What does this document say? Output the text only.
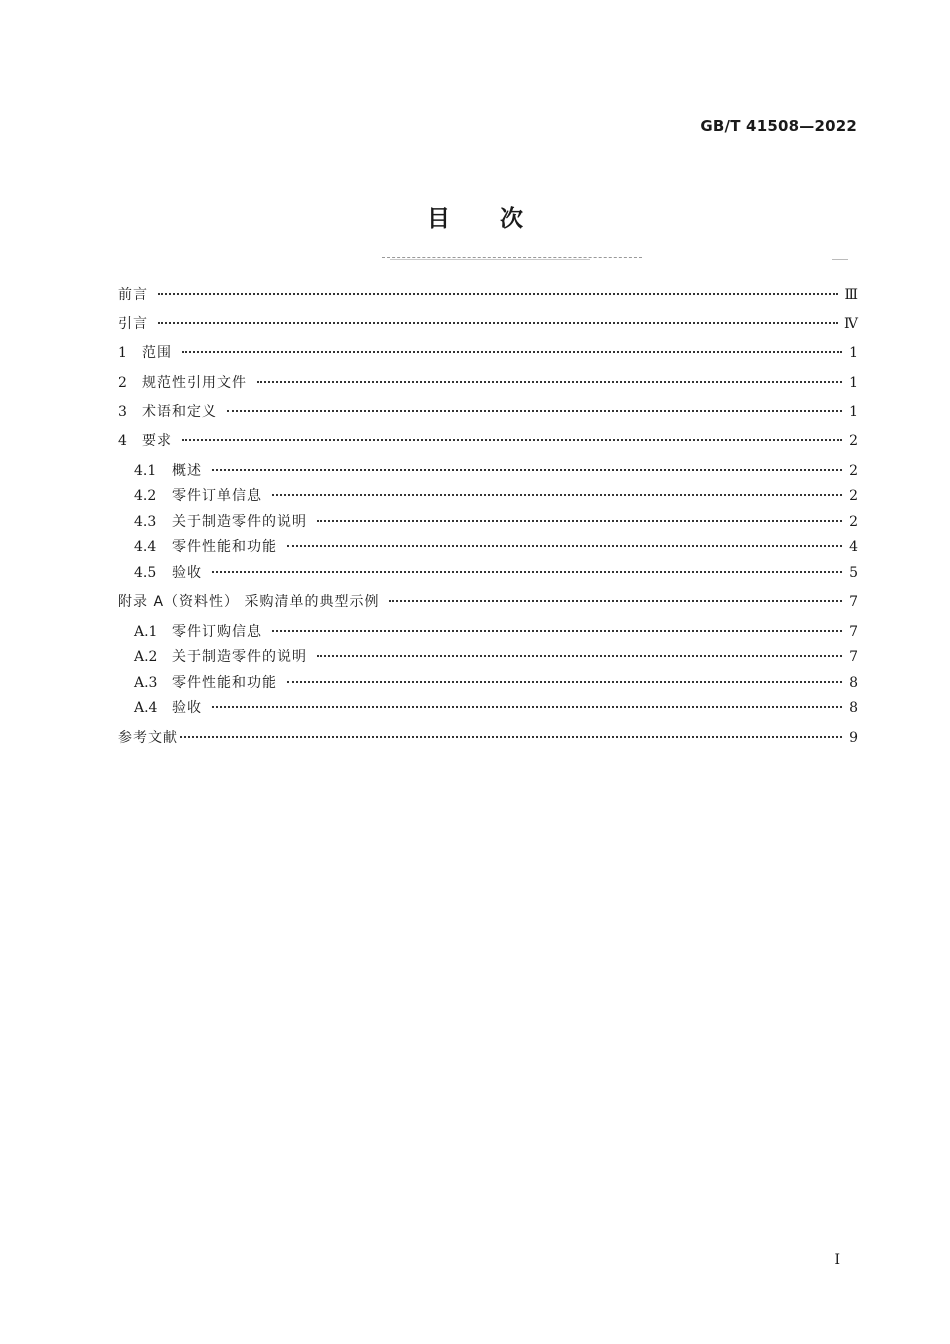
GB/T 41508—2022
目次
前言	Ⅲ
引言	Ⅳ
1 范围	1
2 规范性引用文件	1
3 术语和定义	1
4 要求	2
4.1 概述	2
4.2 零件订单信息	2
4.3 关于制造零件的说明	2
4.4 零件性能和功能	4
4.5 验收	5
附录 A（资料性） 采购清单的典型示例	7
A.1 零件订购信息	7
A.2 关于制造零件的说明	7
A.3 零件性能和功能	8
A.4 验收	8
参考文献	9
I
